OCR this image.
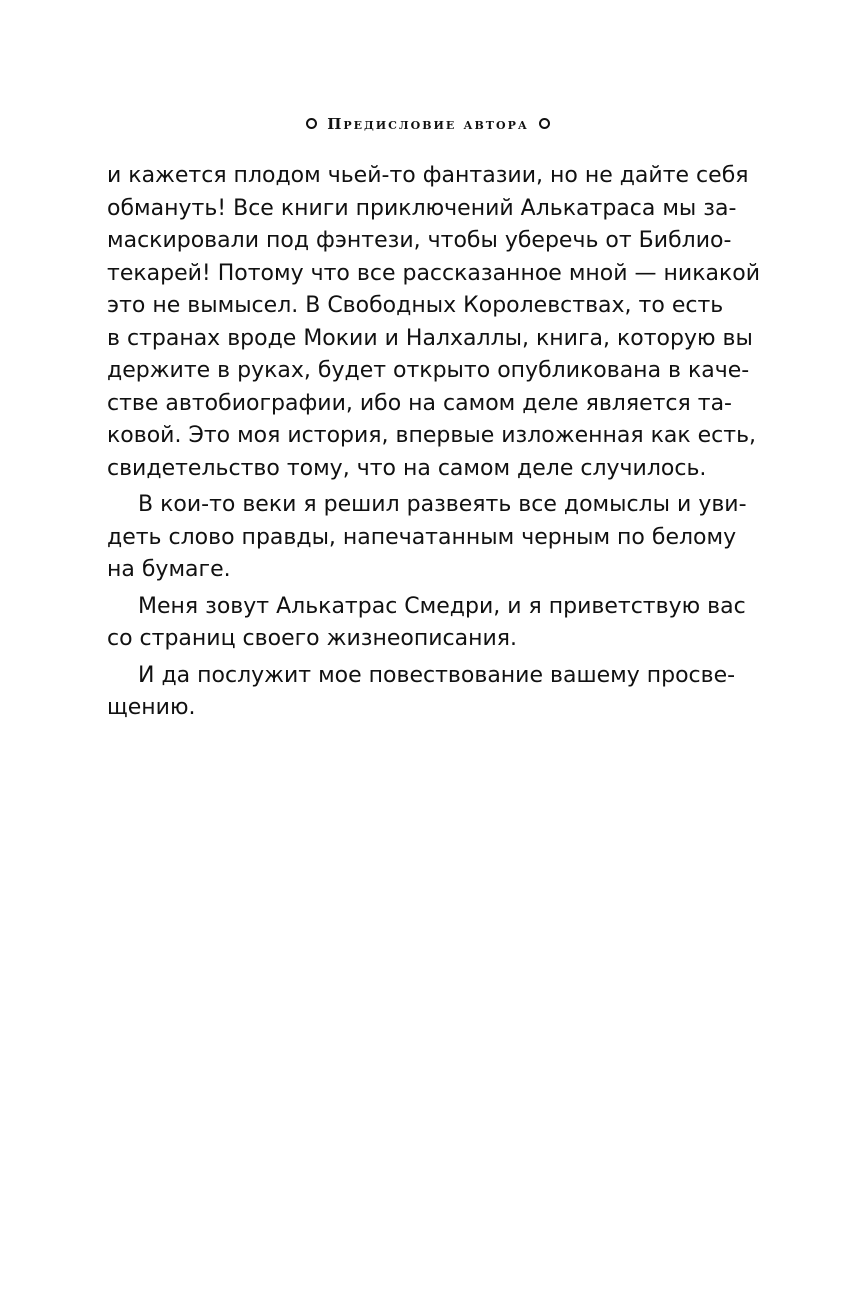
Предисловие автора
и кажется плодом чьей-то фантазии, но не дайте себя
обмануть! Все книги приключений Алькатраса мы за-
маскировали под фэнтези, чтобы уберечь от Библио-
текарей! Потому что все рассказанное мной — никакой
это не вымысел. В Свободных Королевствах, то есть
в странах вроде Мокии и Налхаллы, книга, которую вы
держите в руках, будет открыто опубликована в каче-
стве автобиографии, ибо на самом деле является та-
ковой. Это моя история, впервые изложенная как есть,
свидетельство тому, что на самом деле случилось.
В кои-то веки я решил развеять все домыслы и уви-
деть слово правды, напечатанным черным по белому
на бумаге.
Меня зовут Алькатрас Смедри, и я приветствую вас
со страниц своего жизнеописания.
И да послужит мое повествование вашему просве-
щению.
